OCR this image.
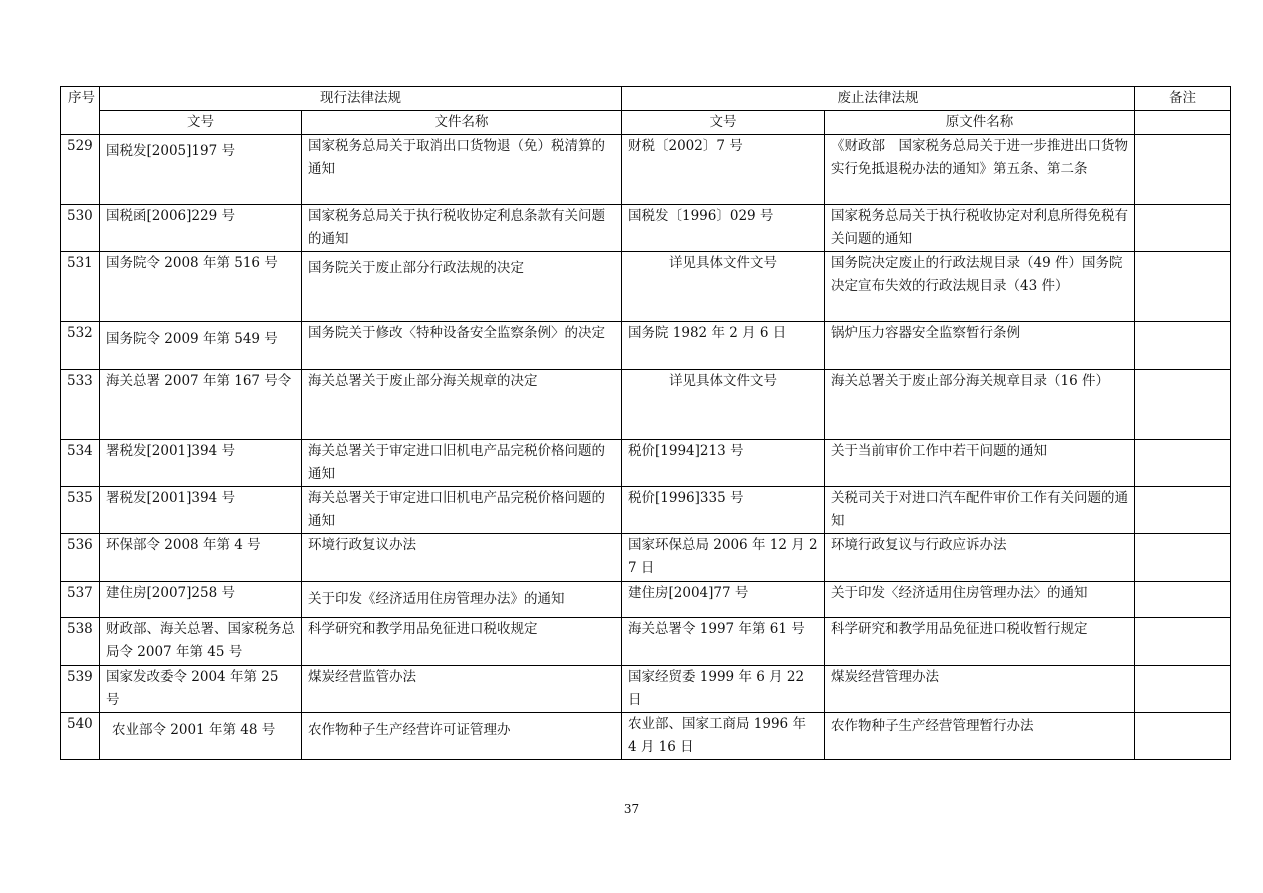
序号	现行法律法规		废止法律法规		备注
	文号	文件名称	文号	原文件名称	
529	国税发[2005]197 号	国家税务总局关于取消出口货物退（免）税清算的通知	财税〔2002〕7 号	《财政部　国家税务总局关于进一步推进出口货物实行免抵退税办法的通知》第五条、第二条	
530	国税函[2006]229 号	国家税务总局关于执行税收协定利息条款有关问题的通知	国税发〔1996〕029 号	国家税务总局关于执行税收协定对利息所得免税有关问题的通知	
531	国务院令 2008 年第 516 号	国务院关于废止部分行政法规的决定	详见具体文件文号	国务院决定废止的行政法规目录（49 件）国务院决定宣布失效的行政法规目录（43 件）	
532	国务院令 2009 年第 549 号	国务院关于修改〈特种设备安全监察条例〉的决定	国务院 1982 年 2 月 6 日	锅炉压力容器安全监察暂行条例	
533	海关总署 2007 年第 167 号令	海关总署关于废止部分海关规章的决定	详见具体文件文号	海关总署关于废止部分海关规章目录（16 件）	
534	署税发[2001]394 号	海关总署关于审定进口旧机电产品完税价格问题的通知	税价[1994]213 号	关于当前审价工作中若干问题的通知	
535	署税发[2001]394 号	海关总署关于审定进口旧机电产品完税价格问题的通知	税价[1996]335 号	关税司关于对进口汽车配件审价工作有关问题的通知	
536	环保部令 2008 年第 4 号	环境行政复议办法	国家环保总局 2006 年 12 月 27 日	环境行政复议与行政应诉办法	
537	建住房[2007]258 号	关于印发《经济适用住房管理办法》的通知	建住房[2004]77 号	关于印发〈经济适用住房管理办法〉的通知	
538	财政部、海关总署、国家税务总局令 2007 年第 45 号	科学研究和教学用品免征进口税收规定	海关总署令 1997 年第 61 号	科学研究和教学用品免征进口税收暂行规定	
539	国家发改委令 2004 年第 25 号	煤炭经营监管办法	国家经贸委 1999 年 6 月 22 日	煤炭经营管理办法	
540	农业部令 2001 年第 48 号	农作物种子生产经营许可证管理办	农业部、国家工商局 1996 年 4 月 16 日	农作物种子生产经营管理暂行办法	

37
